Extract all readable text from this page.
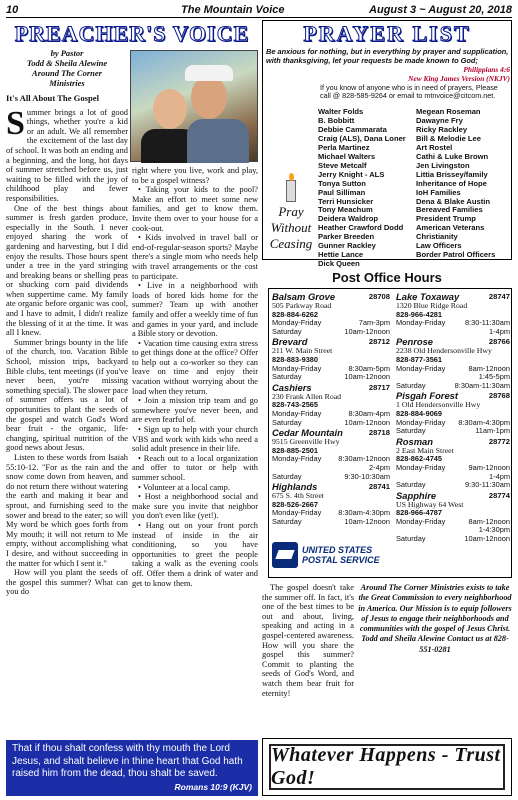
10	The Mountain Voice	August 3 ~ August 20, 2018
PREACHER'S VOICE
by Pastor
Todd & Sheila Alewine
Around The Corner
Ministries
It's All About The Gospel

Summer brings a lot of good things, whether you're a kid or an adult. We all remember the excitement of the last day of school. It was both an ending and a beginning, and the long, hot days of summer stretched before us, just waiting to be filled with the joy of childhood play and fewer responsibilities.

One of the best things about summer is fresh garden produce, especially in the South. I never enjoyed sharing the work of gardening and harvesting, but I did enjoy the results. Those hours spent under a tree in the yard stringing and breaking beans or shelling peas or shucking corn paid dividends when suppertime came. My family ate organic before organic was cool, and I have to admit, I didn't realize the blessing of it at the time. It was all I knew.

Summer brings bounty in the life of the church, too. Vacation Bible School, mission trips, backyard Bible clubs, tent meetings (if you've never been, you're missing something special). The slower pace of summer offers us a lot of opportunities to plant the seeds of the gospel and watch God's Word bear fruit - the organic, life-changing, spiritual nutrition of the good news about Jesus.

Listen to these words from Isaiah 55:10-12. "For as the rain and the snow come down from heaven, and do not return there without watering the earth and making it bear and sprout, and furnishing seed to the sower and bread to the eater; so will My word be which goes forth from My mouth; it will not return to Me empty, without accomplishing what I desire, and without succeeding in the matter for which I sent it."

How will you plant the seeds of the gospel this summer? What can you do

right where you live, work and play, to be a gospel witness?

• Taking your kids to the pool? Make an effort to meet some new families, and get to know them. Invite them over to your house for a cook-out.

• Kids involved in travel ball or end-of-regular-season sports? Maybe there's a single mom who needs help with travel arrangements or the cost to participate.

• Live in a neighborhood with loads of bored kids home for the summer? Team up with another family and offer a weekly time of fun and games in your yard, and include a Bible story or devotion.

• Vacation time causing extra stress to get things done at the office? Offer to help out a co-worker so they can leave on time and enjoy their vacation without worrying about the load when they return.

• Join a mission trip team and go somewhere you've never been, and are even fearful of.

• Sign up to help with your church VBS and work with kids who need a solid adult presence in their life.

• Reach out to a local organization and offer to tutor or help with summer school.

• Volunteer at a local camp.

• Host a neighborhood social and make sure you invite that neighbor you don't even like (yet!).

• Hang out on your front porch instead of inside in the air conditioning, so you have opportunities to greet the people taking a walk as the evening cools off. Offer them a drink of water and get to know them.

PRAYER LIST
Be anxious for nothing, but in everything by prayer and supplication, with thanksgiving, let your requests be made known to God;
Philippians 4:6
New King James Version (NKJV)
If you know of anyone who is in need of prayers, Please call @ 828-585-9264 or email to mtnvoice@citcom.net.
Walter Folds
B. Bobbitt
Debbie Cammarata
Craig (ALS), Dana Loner
Perla Martinez
Michael Walters
Steve Metcalf
Jerry Knight - ALS
Tonya Sutton
Paul Silliman
Terri Hunsicker
Tony Meachum
Deidera Waldrop
Heather Crawford Dodd
Parker Breeden
Gunner Rackley
Hettie Lance
Dick Queen
Megean Roseman
Dawayne Fry
Ricky Rackley
Bill & Melodie Lee
Art Rostel
Cathi & Luke Brown
Jen Livingston
Littia Brissey/family
Inheritance of Hope
IoH Families
Dena & Blake Austin
Bereaved Families
President Trump
American Veterans
Christianity
Law Officers
Border Patrol Officers
Pray Without
Ceasing
Post Office Hours
Balsam Grove	28708
505 Parkway Road
828-884-6262
Monday-Friday	7am-3pm
Saturday	10am-12noon
Brevard	28712
211 W. Main Street
828-883-9380
Monday-Friday	8:30am-5pm
Saturday	10am-12noon
Cashiers	28717
230 Frank Allen Road
828-743-2565
Monday-Friday	8:30am-4pm
Saturday	10am-12noon
Cedar Mountain	28718
9515 Greenville Hwy
828-885-2501
Monday-Friday 8:30am-12noon
2-4pm
Saturday	9:30-10:30am
Highlands	28741
675 S. 4th Street
828-526-2667
Monday-Friday 8:30am-4:30pm
Saturday	10am-12noon
Lake Toxaway	28747
1320 Blue Ridge Road
828-966-4281
Monday-Friday	8:30-11:30am
1-4pm
Penrose	28766
2238 Old Hendersonville Hwy
828-877-3561
Monday-Friday	8am-12noon
1:45-5pm
Saturday	8:30am-11:30am
Pisgah Forest	28768
1 Old Hendersonville Hwy
828-884-9069
Monday-Friday 8:30am-4:30pm
Saturday	11am-1pm
Rosman	28772
2 East Main Street
828-862-4745
Monday-Friday	9am-12noon
1-4pm
Saturday	9:30-11:30am
Sapphire	28774
US Highway 64 West
828-966-4787
Monday-Friday	8am-12noon
1-4:30pm
Saturday	10am-12noon
UNITED STATES
POSTAL SERVICE

The gospel doesn't take the summer off. In fact, it's one of the best times to be out and about, living, speaking and acting in a gospel-centered awareness. How will you share the gospel this summer? Commit to planting the seeds of God's Word, and watch them bear fruit for eternity!

Around The Corner Ministries exists to take the Great Commission to every neighborhood in America. Our Mission is to equip followers of Jesus to engage their neighborhoods and communities with the gospel of Jesus Christ. Todd and Sheila Alewine Contact us at 828-551-0281
That if thou shalt confess with thy mouth the Lord Jesus, and shalt believe in thine heart that God hath raised him from the dead, thou shalt be saved.
Romans 10:9 (KJV)
Whatever Happens - Trust God!
